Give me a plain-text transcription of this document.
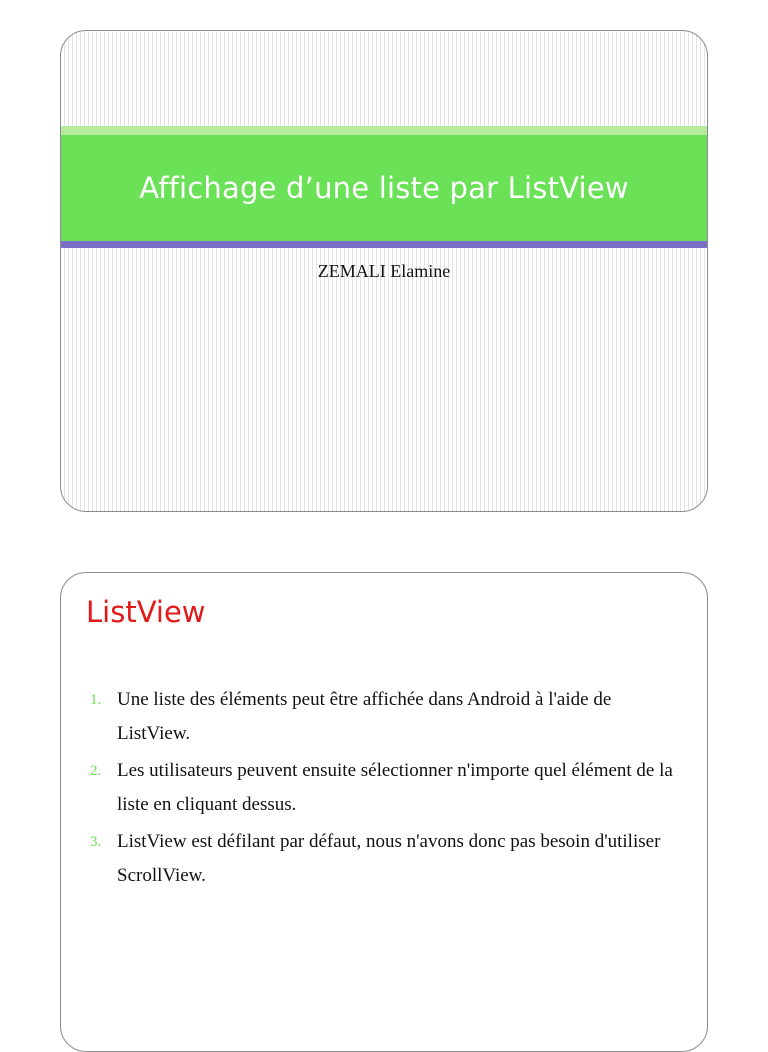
Affichage d’une liste par ListView
ZEMALI Elamine
ListView
1. Une liste des éléments peut être affichée dans Android à l'aide de ListView.
2. Les utilisateurs peuvent ensuite sélectionner n'importe quel élément de la liste en cliquant dessus.
3. ListView est défilant par défaut, nous n'avons donc pas besoin d'utiliser ScrollView.
